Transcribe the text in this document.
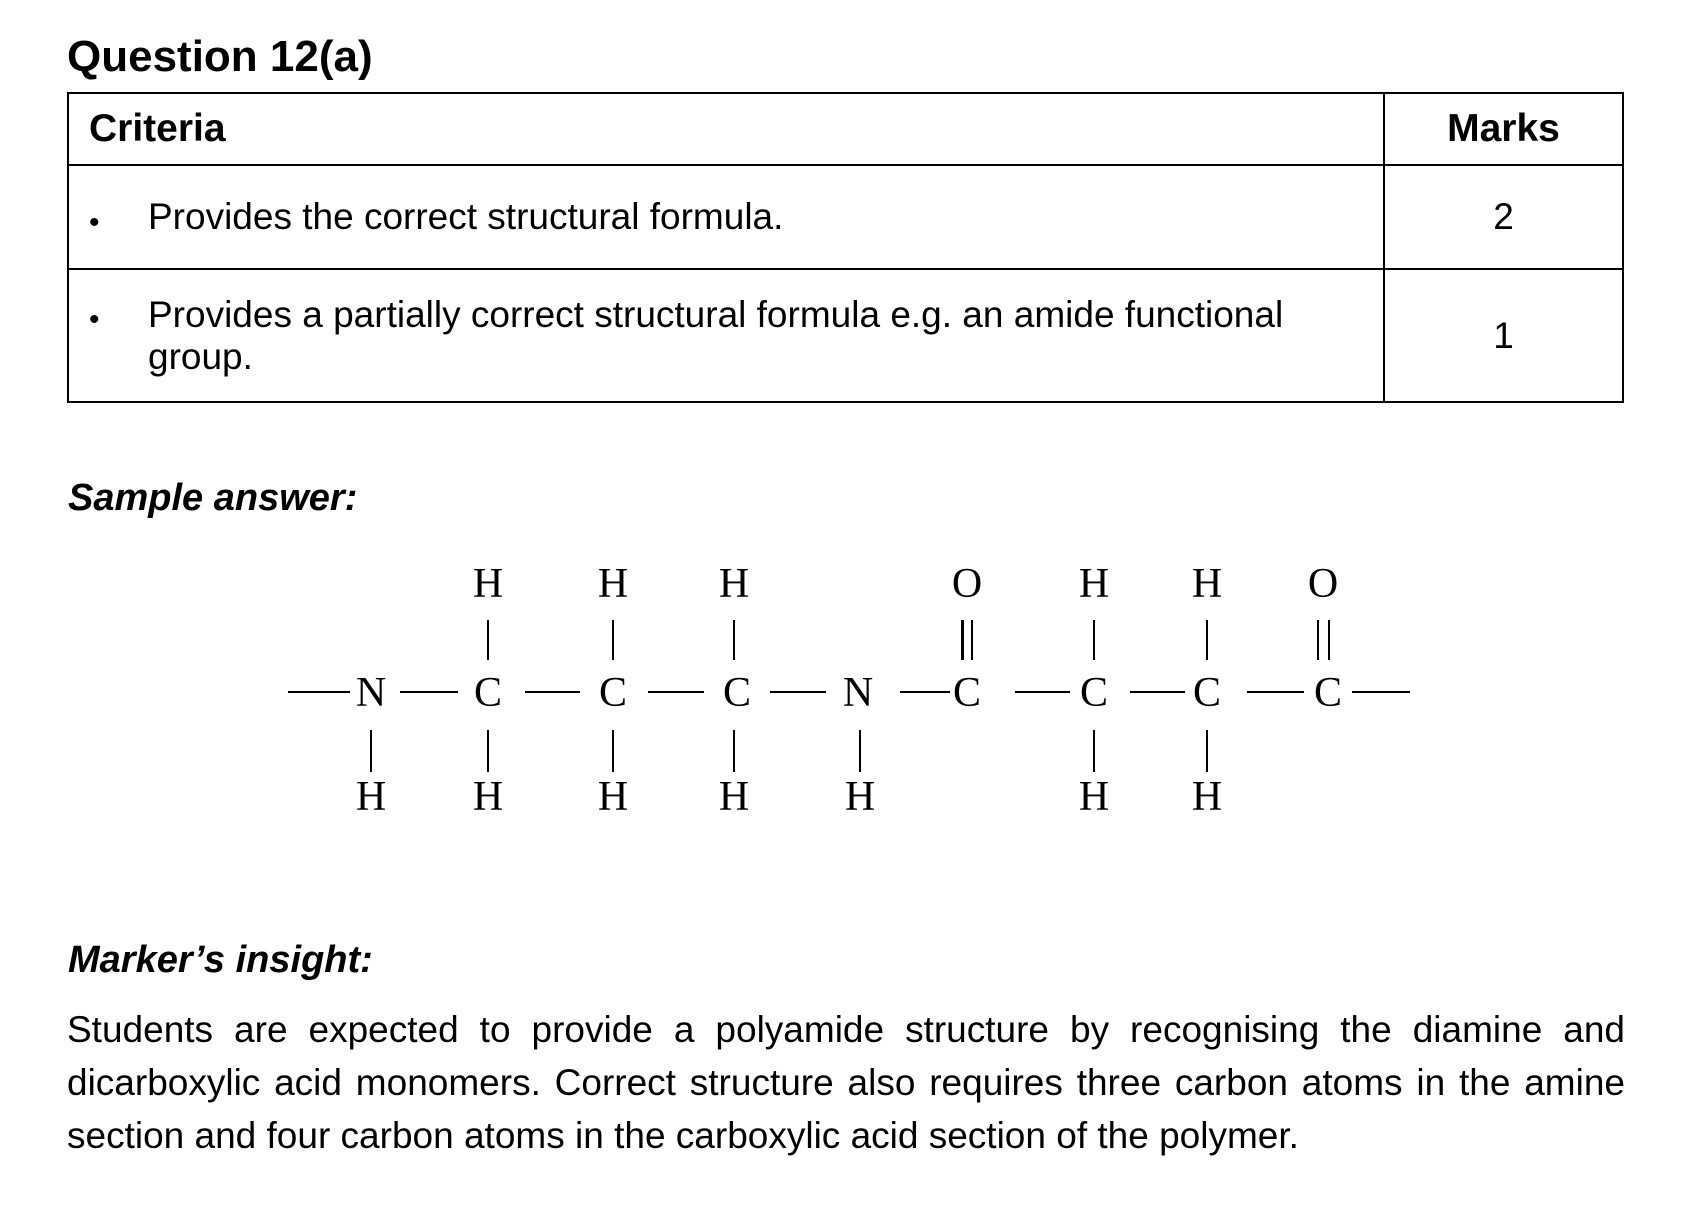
Question 12(a)
Criteria	Marks

• Provides the correct structural formula.	2

• Provides a partially correct structural formula e.g. an amide functional group.	1

Sample answer:

H H H	O H H O
N C C C N C C C C
H H H H H	H H

Marker’s insight:

Students are expected to provide a polyamide structure by recognising the diamine and dicarboxylic acid monomers. Correct structure also requires three carbon atoms in the amine section and four carbon atoms in the carboxylic acid section of the polymer.
